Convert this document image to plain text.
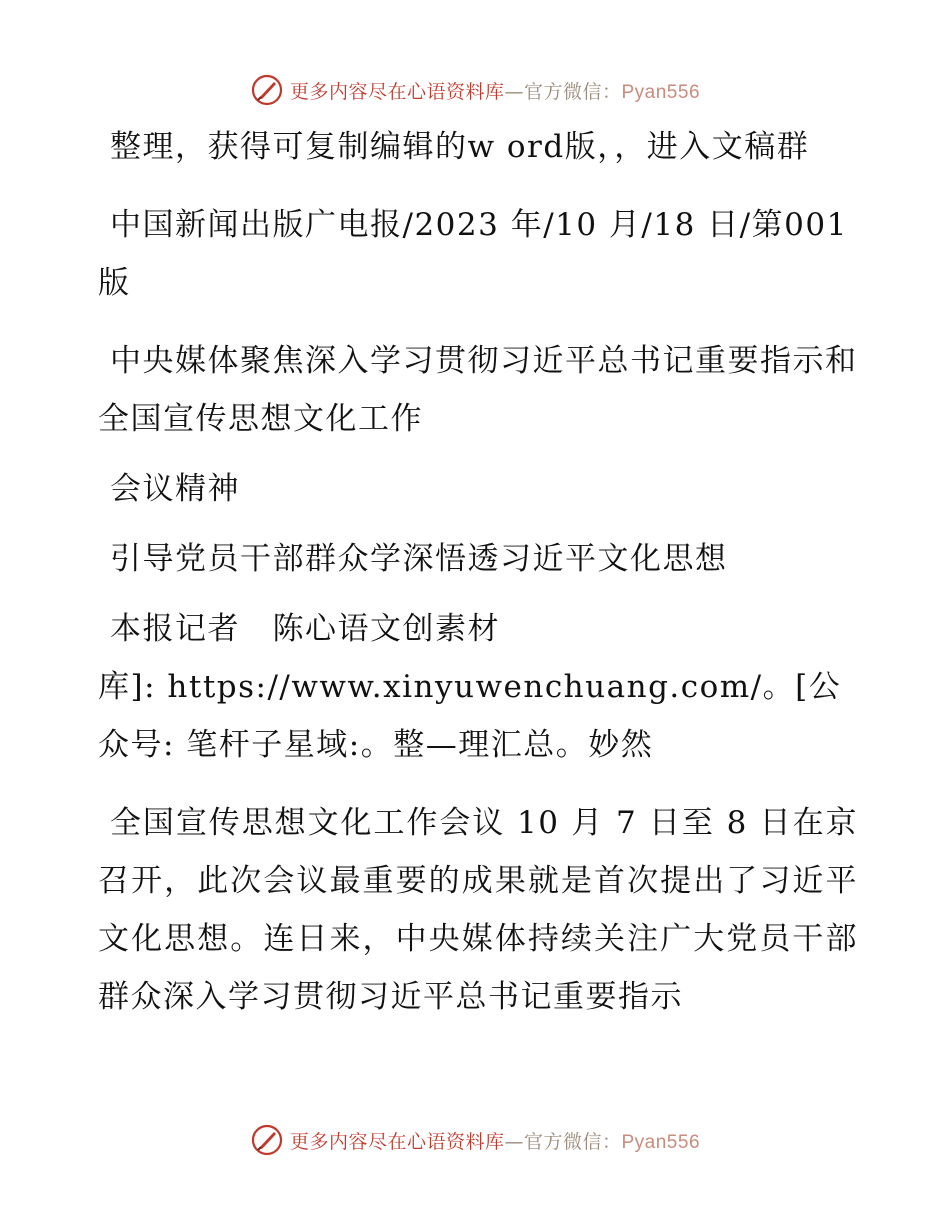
更多内容尽在心语资料库—官方微信：Pyan556

整理，获得可复制编辑的w ord版，，进入文稿群

中国新闻出版广电报/2023 年/10 月/18 日/第001 版

中央媒体聚焦深入学习贯彻习近平总书记重要指示和全国宣传思想文化工作

会议精神

引导党员干部群众学深悟透习近平文化思想

本报记者　陈心语文创素材

库]: https://www.xinyuwenchuang.com/。[公众号: 笔杆子星域:。整—理汇总。妙然

全国宣传思想文化工作会议 10 月 7 日至 8 日在京召开，此次会议最重要的成果就是首次提出了习近平文化思想。连日来，中央媒体持续关注广大党员干部群众深入学习贯彻习近平总书记重要指示

更多内容尽在心语资料库—官方微信：Pyan556
